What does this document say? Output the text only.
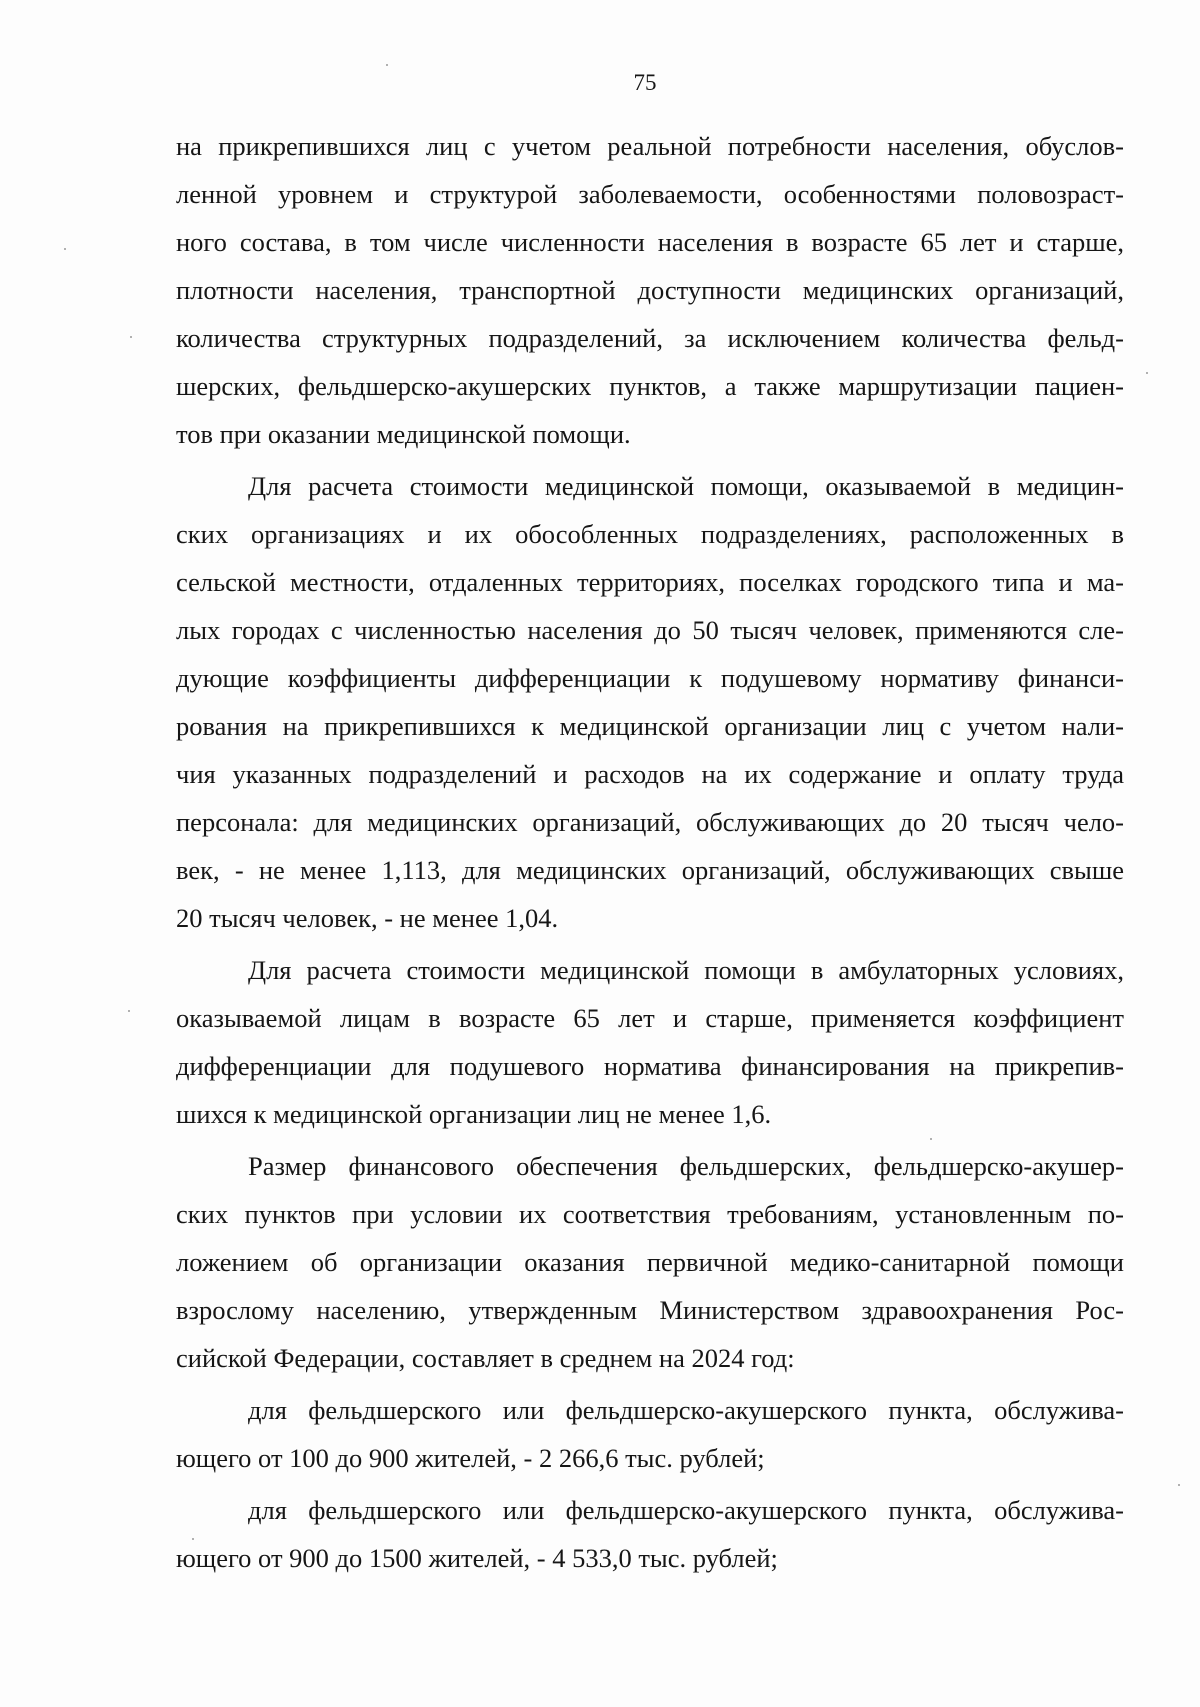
75

на прикрепившихся лиц с учетом реальной потребности населения, обуслов-
ленной уровнем и структурой заболеваемости, особенностями половозраст-
ного состава, в том числе численности населения в возрасте 65 лет и старше,
плотности населения, транспортной доступности медицинских организаций,
количества структурных подразделений, за исключением количества фельд-
шерских, фельдшерско-акушерских пунктов, а также маршрутизации пациен-
тов при оказании медицинской помощи.

Для расчета стоимости медицинской помощи, оказываемой в медицин-
ских организациях и их обособленных подразделениях, расположенных в
сельской местности, отдаленных территориях, поселках городского типа и ма-
лых городах с численностью населения до 50 тысяч человек, применяются сле-
дующие коэффициенты дифференциации к подушевому нормативу финанси-
рования на прикрепившихся к медицинской организации лиц с учетом нали-
чия указанных подразделений и расходов на их содержание и оплату труда
персонала: для медицинских организаций, обслуживающих до 20 тысяч чело-
век, - не менее 1,113, для медицинских организаций, обслуживающих свыше
20 тысяч человек, - не менее 1,04.

Для расчета стоимости медицинской помощи в амбулаторных условиях,
оказываемой лицам в возрасте 65 лет и старше, применяется коэффициент
дифференциации для подушевого норматива финансирования на прикрепив-
шихся к медицинской организации лиц не менее 1,6.

Размер финансового обеспечения фельдшерских, фельдшерско-акушер-
ских пунктов при условии их соответствия требованиям, установленным по-
ложением об организации оказания первичной медико-санитарной помощи
взрослому населению, утвержденным Министерством здравоохранения Рос-
сийской Федерации, составляет в среднем на 2024 год:

для фельдшерского или фельдшерско-акушерского пункта, обслужива-
ющего от 100 до 900 жителей, - 2 266,6 тыс. рублей;

для фельдшерского или фельдшерско-акушерского пункта, обслужива-
ющего от 900 до 1500 жителей, - 4 533,0 тыс. рублей;
